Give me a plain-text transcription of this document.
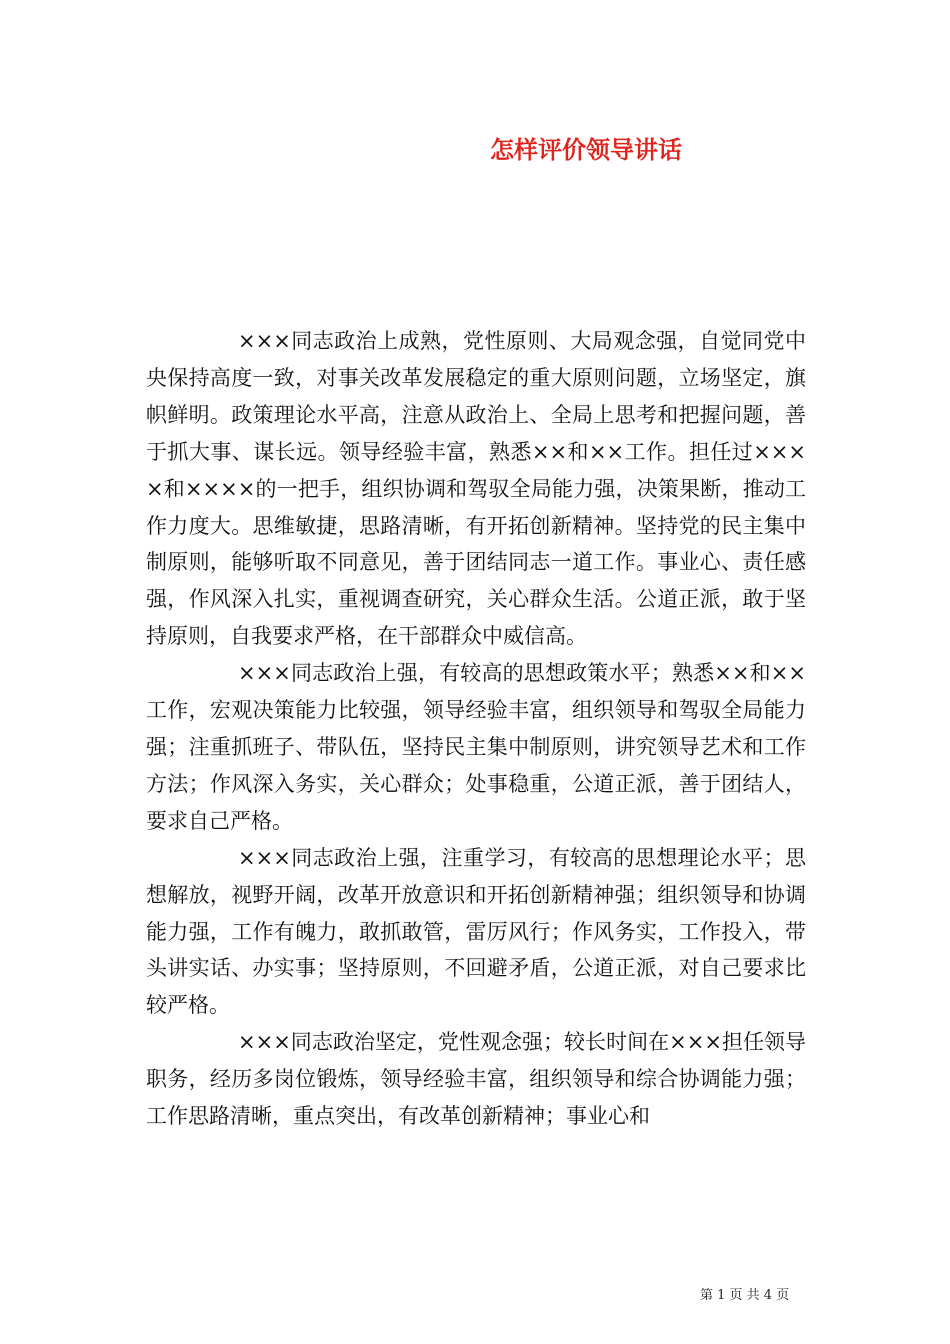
怎样评价领导讲话

×××同志政治上成熟，党性原则、大局观念强，自觉同党中央保持高度一致，对事关改革发展稳定的重大原则问题，立场坚定，旗帜鲜明。政策理论水平高，注意从政治上、全局上思考和把握问题，善于抓大事、谋长远。领导经验丰富，熟悉××和××工作。担任过××××和××××的一把手，组织协调和驾驭全局能力强，决策果断，推动工作力度大。思维敏捷，思路清晰，有开拓创新精神。坚持党的民主集中制原则，能够听取不同意见，善于团结同志一道工作。事业心、责任感强，作风深入扎实，重视调查研究，关心群众生活。公道正派，敢于坚持原则，自我要求严格，在干部群众中威信高。

×××同志政治上强，有较高的思想政策水平；熟悉××和××工作，宏观决策能力比较强，领导经验丰富，组织领导和驾驭全局能力强；注重抓班子、带队伍，坚持民主集中制原则，讲究领导艺术和工作方法；作风深入务实，关心群众；处事稳重，公道正派，善于团结人，要求自己严格。

×××同志政治上强，注重学习，有较高的思想理论水平；思想解放，视野开阔，改革开放意识和开拓创新精神强；组织领导和协调能力强，工作有魄力，敢抓敢管，雷厉风行；作风务实，工作投入，带头讲实话、办实事；坚持原则，不回避矛盾，公道正派，对自己要求比较严格。

×××同志政治坚定，党性观念强；较长时间在×××担任领导职务，经历多岗位锻炼，领导经验丰富，组织领导和综合协调能力强；工作思路清晰，重点突出，有改革创新精神；事业心和

第 1 页 共 4 页
